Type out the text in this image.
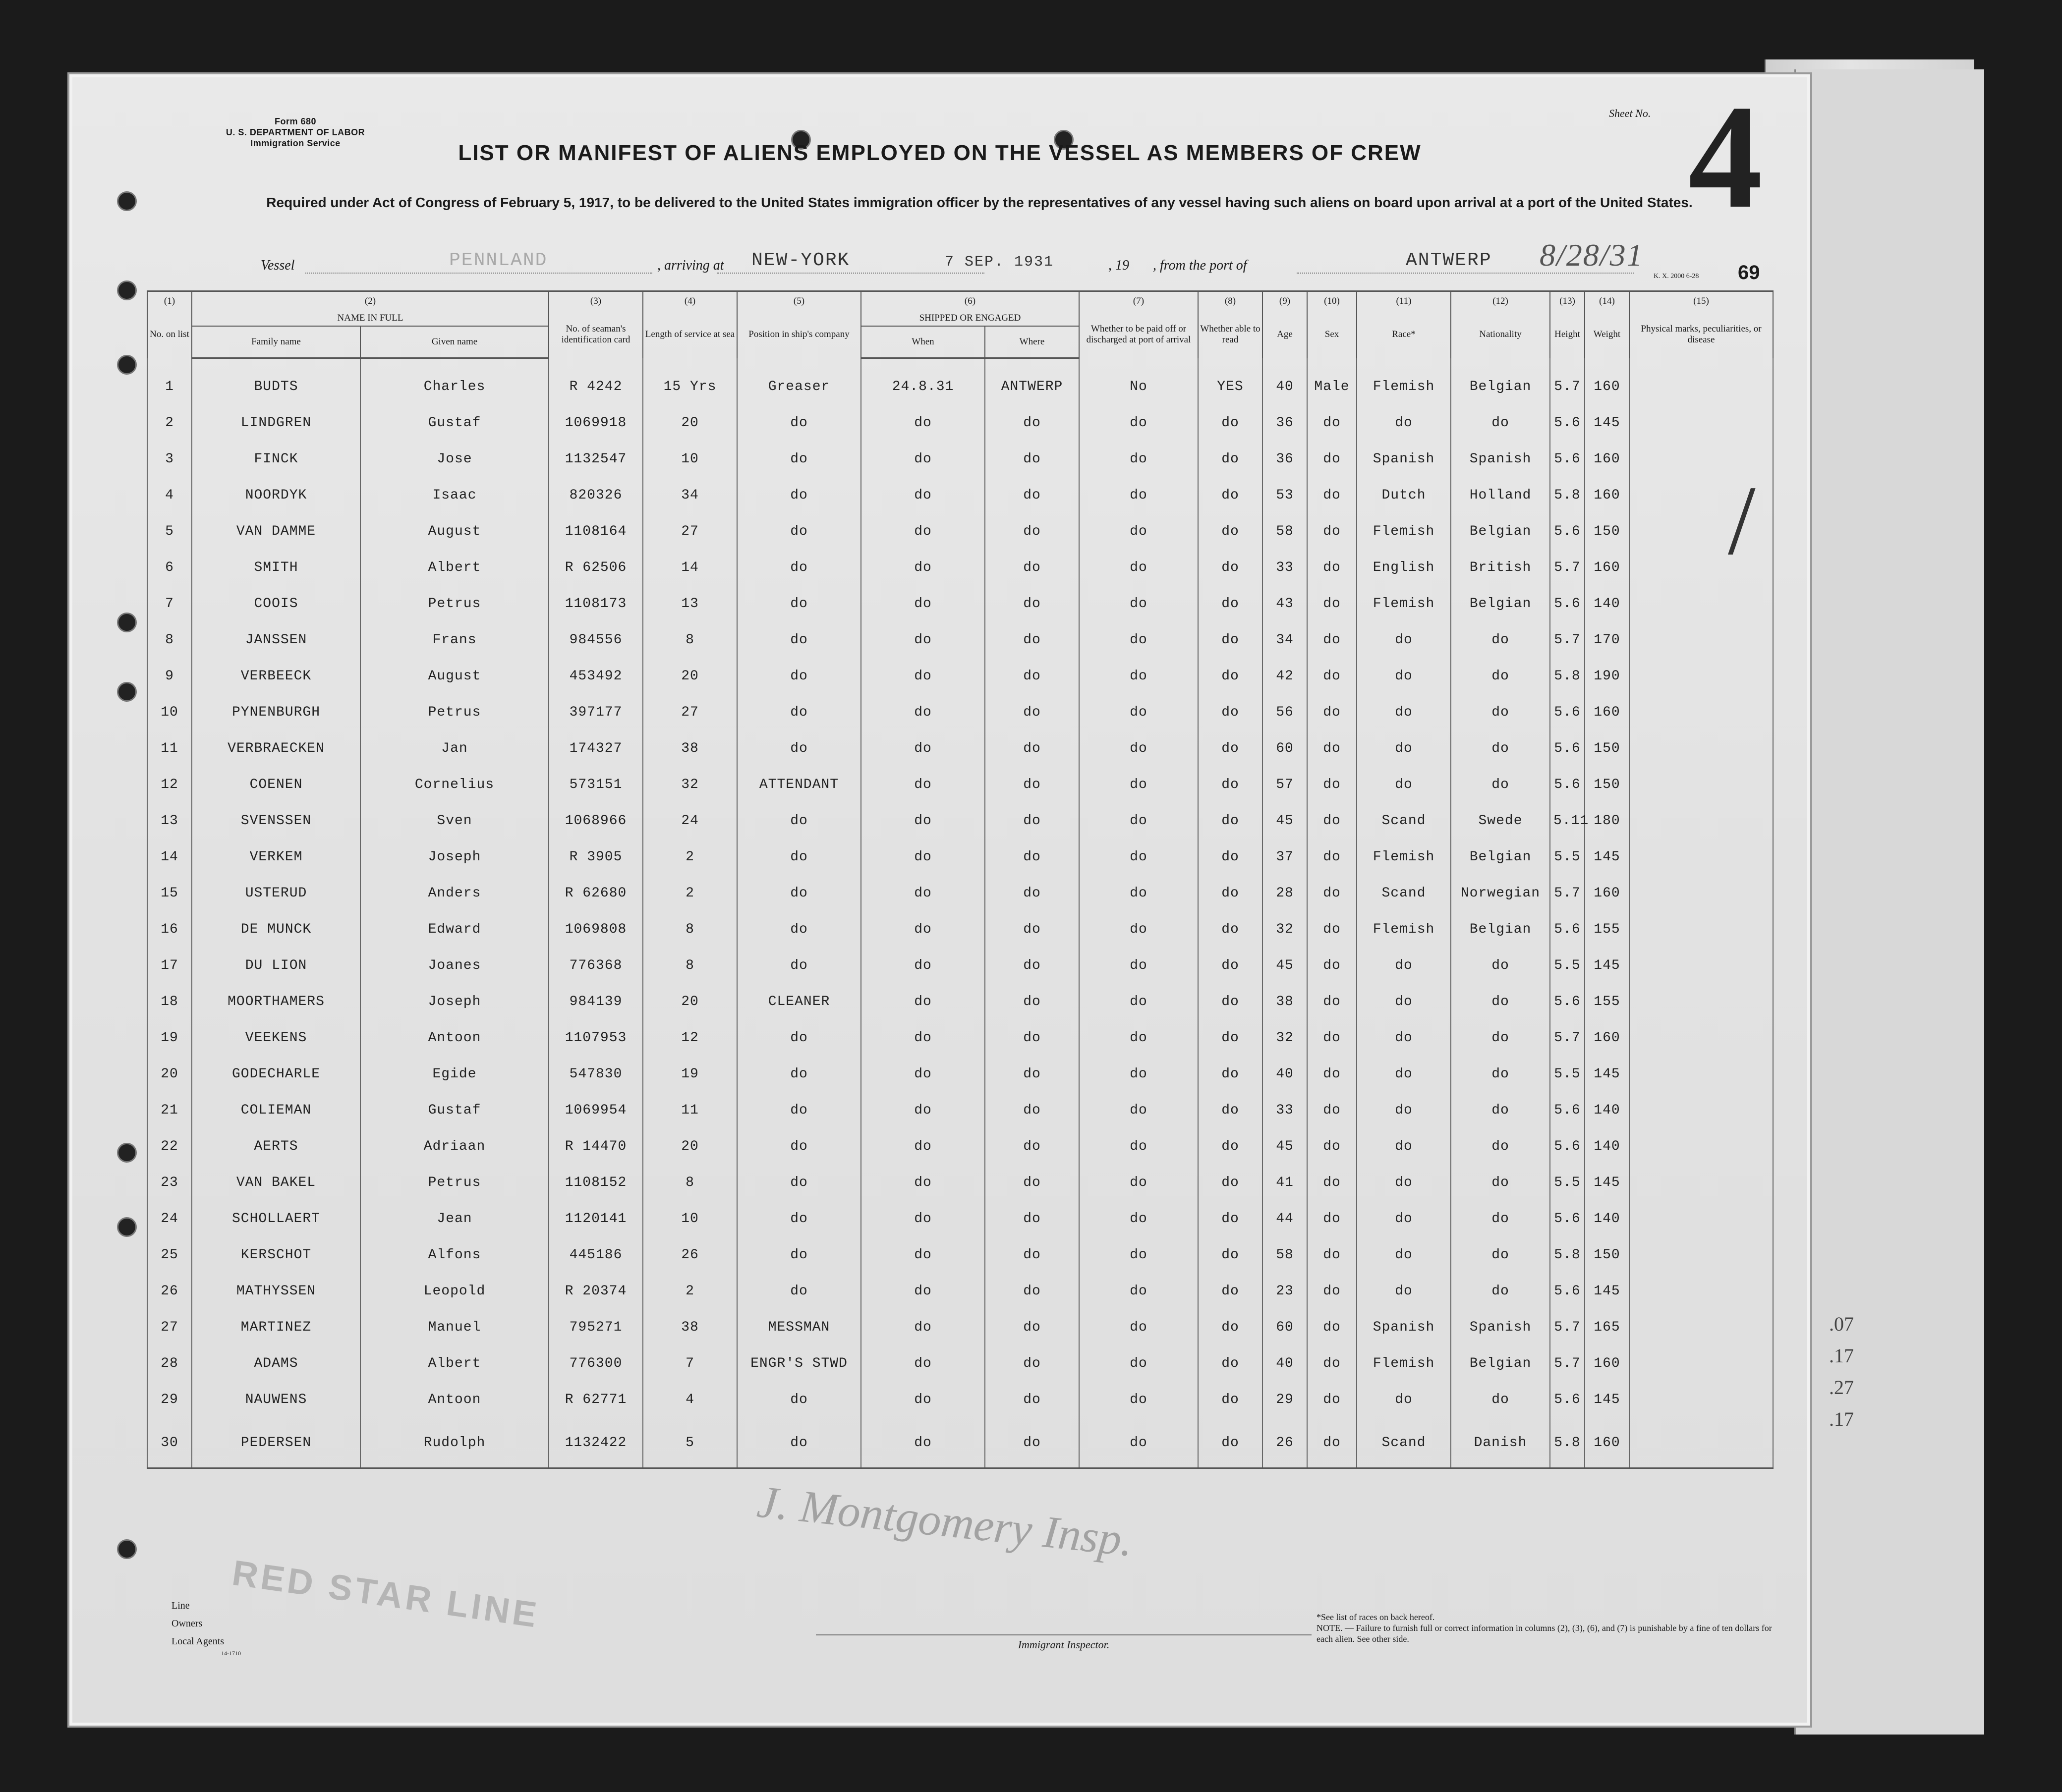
.07
.17
.27
.17
Form 680
U. S. DEPARTMENT OF LABOR
Immigration Service
Sheet No. 4
LIST OR MANIFEST OF ALIENS EMPLOYED ON THE VESSEL AS MEMBERS OF CREW
Required under Act of Congress of February 5, 1917, to be delivered to the United States immigration officer by the representatives of any vessel having such aliens on board upon arrival at a port of the United States.
K. X. 2000 6-28 69
Vessel	PENNLAND	, arriving at NEW-YORK	7 SEP. 1931	, 19 , from the port of	ANTWERP 8/28/31
(1)	(2)		(3)	(4)	(5)	(6)		(7)	(8)	(9)	(10)	(11)	(12)	(13)	(14)	(15)
No. on list	NAME IN FULL		No. of seaman's identification card	Length of service at sea	Position in ship's company	SHIPPED OR ENGAGED		Whether to be paid off or discharged at port of arrival	Whether able to read	Age	Sex	Race*	Nationality	Height	Weight	Physical marks, peculiarities, or disease
	Family name	Given name				When	Where									

1	BUDTS	Charles	R 4242	15 Yrs	Greaser	24.8.31	ANTWERP	No	YES	40	Male	Flemish	Belgian	5.7	160	
2	LINDGREN	Gustaf	1069918	20	do	do	do	do	do	36	do	do	do	5.6	145	
3	FINCK	Jose	1132547	10	do	do	do	do	do	36	do	Spanish	Spanish	5.6	160	
4	NOORDYK	Isaac	820326	34	do	do	do	do	do	53	do	Dutch	Holland	5.8	160	
5	VAN DAMME	August	1108164	27	do	do	do	do	do	58	do	Flemish	Belgian	5.6	150	
6	SMITH	Albert	R 62506	14	do	do	do	do	do	33	do	English	British	5.7	160	
7	COOIS	Petrus	1108173	13	do	do	do	do	do	43	do	Flemish	Belgian	5.6	140	
8	JANSSEN	Frans	984556	8	do	do	do	do	do	34	do	do	do	5.7	170	
9	VERBEECK	August	453492	20	do	do	do	do	do	42	do	do	do	5.8	190	
10	PYNENBURGH	Petrus	397177	27	do	do	do	do	do	56	do	do	do	5.6	160	
11	VERBRAECKEN	Jan	174327	38	do	do	do	do	do	60	do	do	do	5.6	150	
12	COENEN	Cornelius	573151	32	ATTENDANT	do	do	do	do	57	do	do	do	5.6	150	
13	SVENSSEN	Sven	1068966	24	do	do	do	do	do	45	do	Scand	Swede	5.11	180	
14	VERKEM	Joseph	R 3905	2	do	do	do	do	do	37	do	Flemish	Belgian	5.5	145	
15	USTERUD	Anders	R 62680	2	do	do	do	do	do	28	do	Scand	Norwegian	5.7	160	
16	DE MUNCK	Edward	1069808	8	do	do	do	do	do	32	do	Flemish	Belgian	5.6	155	
17	DU LION	Joanes	776368	8	do	do	do	do	do	45	do	do	do	5.5	145	
18	MOORTHAMERS	Joseph	984139	20	CLEANER	do	do	do	do	38	do	do	do	5.6	155	
19	VEEKENS	Antoon	1107953	12	do	do	do	do	do	32	do	do	do	5.7	160	
20	GODECHARLE	Egide	547830	19	do	do	do	do	do	40	do	do	do	5.5	145	
21	COLIEMAN	Gustaf	1069954	11	do	do	do	do	do	33	do	do	do	5.6	140	
22	AERTS	Adriaan	R 14470	20	do	do	do	do	do	45	do	do	do	5.6	140	
23	VAN BAKEL	Petrus	1108152	8	do	do	do	do	do	41	do	do	do	5.5	145	
24	SCHOLLAERT	Jean	1120141	10	do	do	do	do	do	44	do	do	do	5.6	140	
25	KERSCHOT	Alfons	445186	26	do	do	do	do	do	58	do	do	do	5.8	150	
26	MATHYSSEN	Leopold	R 20374	2	do	do	do	do	do	23	do	do	do	5.6	145	
27	MARTINEZ	Manuel	795271	38	MESSMAN	do	do	do	do	60	do	Spanish	Spanish	5.7	165	
28	ADAMS	Albert	776300	7	ENGR'S STWD	do	do	do	do	40	do	Flemish	Belgian	5.7	160	
29	NAUWENS	Antoon	R 62771	4	do	do	do	do	do	29	do	do	do	5.6	145	
30	PEDERSEN	Rudolph	1132422	5	do	do	do	do	do	26	do	Scand	Danish	5.8	160	
J. Montgomery Insp.
/
Line
Owners
Local Agents
14-1710
RED STAR LINE
Immigrant Inspector.
*See list of races on back hereof.
NOTE. — Failure to furnish full or correct information in columns (2), (3), (6), and (7) is punishable by a fine of ten dollars for each alien. See other side.
